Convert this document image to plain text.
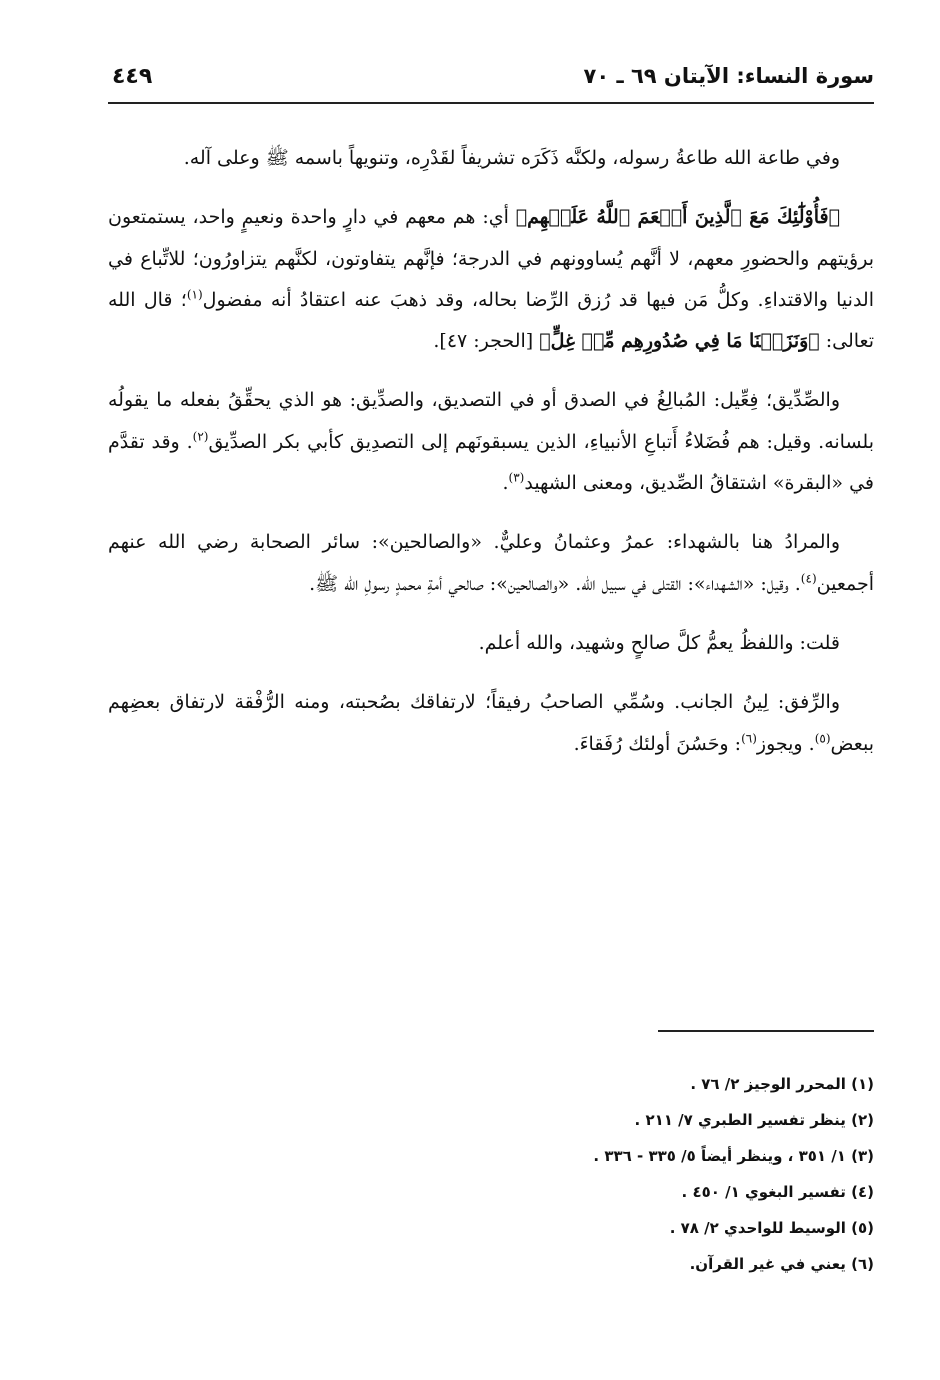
سورة النساء: الآيتان ٦٩ ـ ٧٠
٤٤٩

وفي طاعة الله طاعةُ رسوله، ولكنَّه ذَكَرَه تشريفاً لقَدْرِه، وتنويهاً باسمه ﷺ وعلى آله.

﴿فَأُوْلَٰٓئِكَ مَعَ ٱلَّذِينَ أَنۡعَمَ ٱللَّهُ عَلَيۡهِم﴾ أي: هم معهم في دارٍ واحدة ونعيمٍ واحد، يستمتعون برؤيتهم والحضورِ معهم، لا أنَّهم يُساوونهم في الدرجة؛ فإنَّهم يتفاوتون، لكنَّهم يتزاورُون؛ للاتِّباع في الدنيا والاقتداءِ. وكلُّ مَن فيها قد رُزق الرِّضا بحاله، وقد ذهبَ عنه اعتقادُ أنه مفضول$^{(١)}$؛ قال الله تعالى: ﴿وَنَزَعۡنَا مَا فِي صُدُورِهِم مِّنۡ غِلٍّ﴾ [الحجر: ٤٧].

والصِّدِّيق؛ فِعِّيل: المُبالِغُ في الصدق أو في التصديق، والصدِّيق: هو الذي يحقِّقُ بفعله ما يقولُه بلسانه. وقيل: هم فُضَلاءُ أَتباعِ الأنبياءِ، الذين يسبقونَهم إلى التصدِيق كأبي بكر الصدِّيق$^{(٢)}$. وقد تقدَّم في «البقرة» اشتقاقُ الصِّديق، ومعنى الشهيد$^{(٣)}$.

والمرادُ هنا بالشهداء: عمرُ وعثمانُ وعليٌّ. «والصالحين»: سائر الصحابة رضي الله عنهم أجمعين$^{(٤)}$. وقيل: «الشهداء»: القتلى في سبيل الله. «والصالحين»: صالحي أمةِ محمدٍ رسولِ الله ﷺ.

قلت: واللفظُ يعمُّ كلَّ صالحٍ وشهيد، والله أعلم.

والرِّفق: لِينُ الجانب. وسُمِّي الصاحبُ رفيقاً؛ لارتفاقك بصُحبته، ومنه الرُّفْقة لارتفاق بعضِهم ببعض$^{(٥)}$. ويجوز$^{(٦)}$: وحَسُنَ أولئك رُفَقاءَ.

(١) المحرر الوجيز ٢/ ٧٦ .
(٢) ينظر تفسير الطبري ٧/ ٢١١ .
(٣) ١/ ٣٥١ ، وينظر أيضاً ٥/ ٣٣٥ - ٣٣٦ .
(٤) تفسير البغوي ١/ ٤٥٠ .
(٥) الوسيط للواحدي ٢/ ٧٨ .
(٦) يعني في غير القرآن.
